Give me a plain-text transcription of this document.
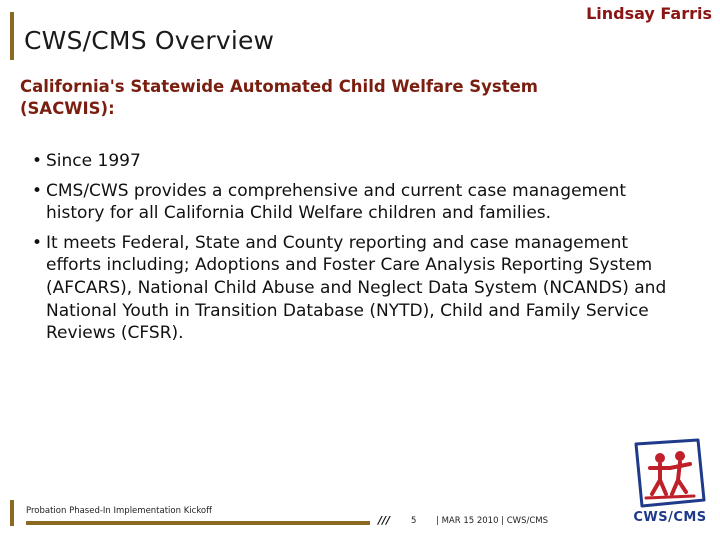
CWS/CMS Overview
Lindsay Farris
California's Statewide Automated Child Welfare System
(SACWIS):
• Since 1997
• CMS/CWS provides a comprehensive and current case management history for all California Child Welfare children and families.
• It meets Federal, State and County reporting and case management efforts including; Adoptions and Foster Care Analysis Reporting System (AFCARS), National Child Abuse and Neglect Data System (NCANDS) and National Youth in Transition Database (NYTD), Child and Family Service Reviews (CFSR).
Probation Phased-In Implementation Kickoff
/// 5 | MAR 15 2010 | CWS/CMS	CWS/CMS
